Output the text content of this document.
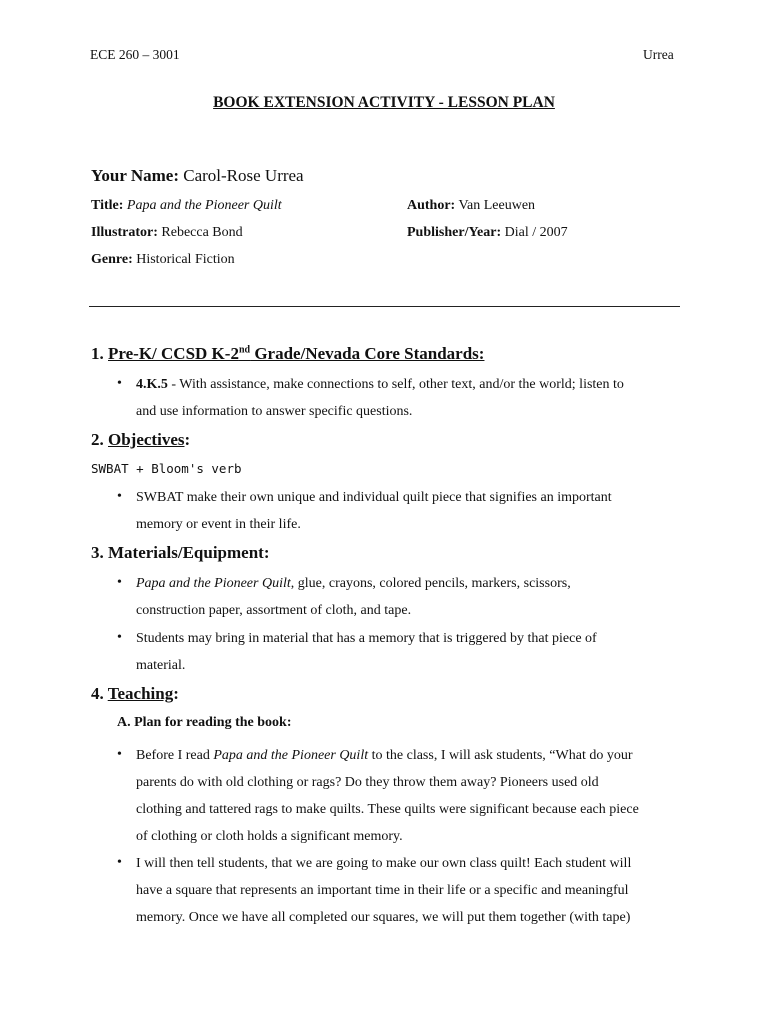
ECE 260 – 3001	Urrea
BOOK EXTENSION ACTIVITY - LESSON PLAN
Your Name: Carol-Rose Urrea
Title: Papa and the Pioneer Quilt	Author: Van Leeuwen
Illustrator: Rebecca Bond	Publisher/Year: Dial / 2007
Genre: Historical Fiction
1. Pre-K/ CCSD K-2nd Grade/Nevada Core Standards:
• 4.K.5 - With assistance, make connections to self, other text, and/or the world; listen to
and use information to answer specific questions.
2. Objectives:
SWBAT + Bloom's verb
• SWBAT make their own unique and individual quilt piece that signifies an important
memory or event in their life.
3. Materials/Equipment:
• Papa and the Pioneer Quilt, glue, crayons, colored pencils, markers, scissors,
construction paper, assortment of cloth, and tape.
• Students may bring in material that has a memory that is triggered by that piece of
material.
4. Teaching:
A. Plan for reading the book:
• Before I read Papa and the Pioneer Quilt to the class, I will ask students, “What do your
parents do with old clothing or rags? Do they throw them away? Pioneers used old
clothing and tattered rags to make quilts. These quilts were significant because each piece
of clothing or cloth holds a significant memory.
• I will then tell students, that we are going to make our own class quilt! Each student will
have a square that represents an important time in their life or a specific and meaningful
memory. Once we have all completed our squares, we will put them together (with tape)
